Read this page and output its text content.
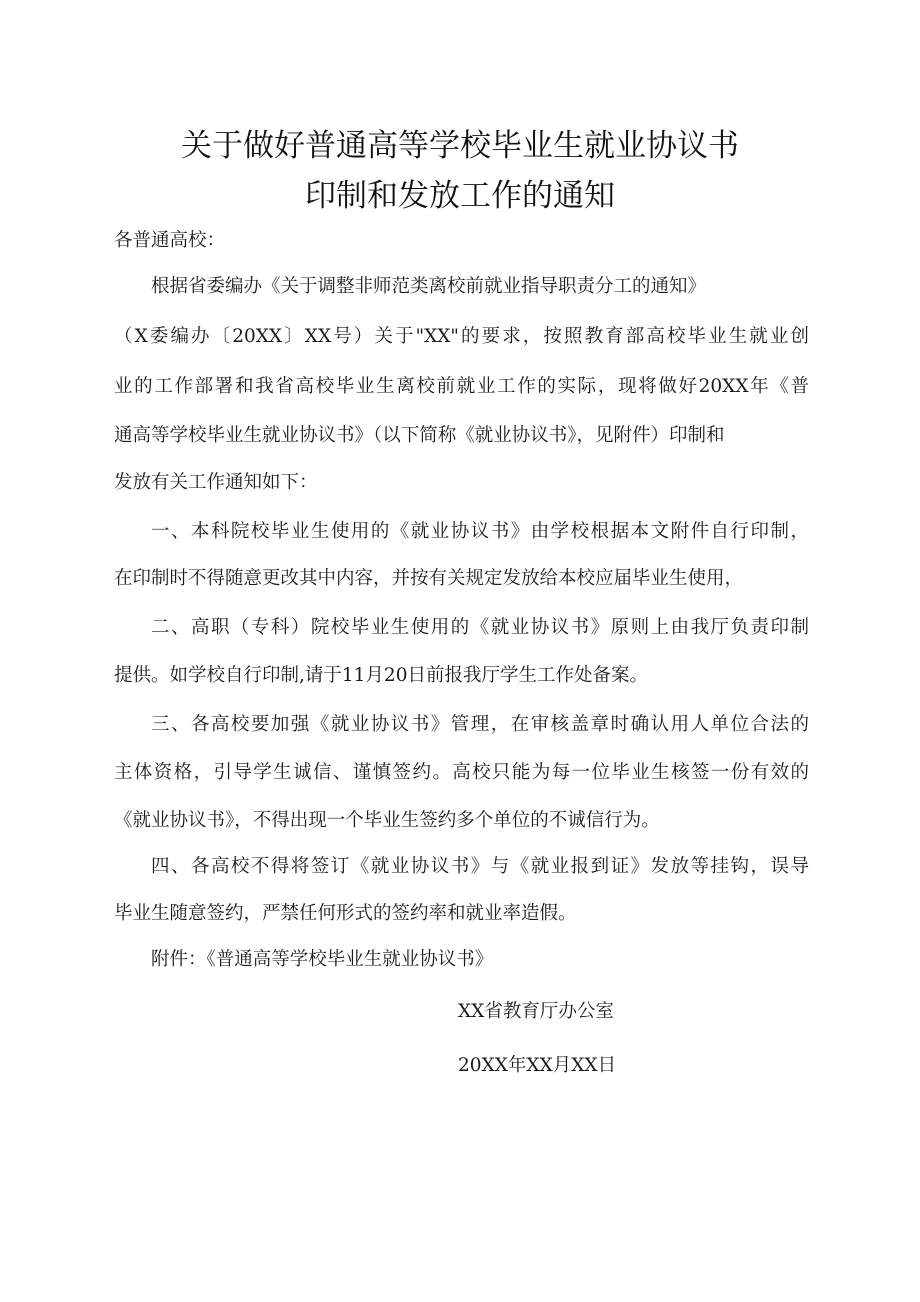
关于做好普通高等学校毕业生就业协议书
印制和发放工作的通知
各普通高校：
根据省委编办《关于调整非师范类离校前就业指导职责分工的通知》
（X委编办〔20XX〕XX号）关于"XX"的要求，按照教育部高校毕业生就业创
业的工作部署和我省高校毕业生离校前就业工作的实际，现将做好20XX年《普
通高等学校毕业生就业协议书》（以下简称《就业协议书》，见附件）印制和
发放有关工作通知如下：
一、本科院校毕业生使用的《就业协议书》由学校根据本文附件自行印制，
在印制时不得随意更改其中内容，并按有关规定发放给本校应届毕业生使用，
二、高职（专科）院校毕业生使用的《就业协议书》原则上由我厅负责印制
提供。如学校自行印制,请于11月20日前报我厅学生工作处备案。
三、各高校要加强《就业协议书》管理，在审核盖章时确认用人单位合法的
主体资格，引导学生诚信、谨慎签约。高校只能为每一位毕业生核签一份有效的
《就业协议书》，不得出现一个毕业生签约多个单位的不诚信行为。
四、各高校不得将签订《就业协议书》与《就业报到证》发放等挂钩，误导
毕业生随意签约，严禁任何形式的签约率和就业率造假。
附件：《普通高等学校毕业生就业协议书》
XX省教育厅办公室
20XX年XX月XX日
